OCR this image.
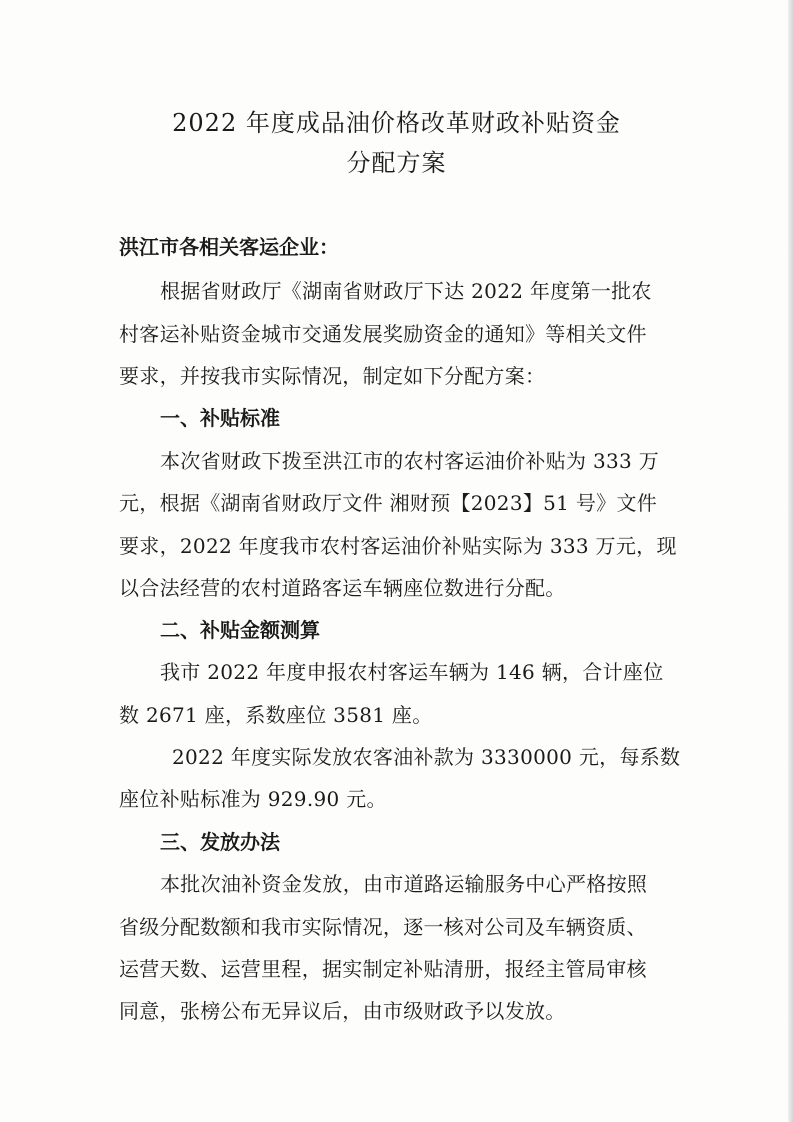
2022 年度成品油价格改革财政补贴资金
分配方案
洪江市各相关客运企业：
根据省财政厅《湖南省财政厅下达 2022 年度第一批农
村客运补贴资金城市交通发展奖励资金的通知》等相关文件
要求，并按我市实际情况，制定如下分配方案：
一、补贴标准
本次省财政下拨至洪江市的农村客运油价补贴为 333 万
元，根据《湖南省财政厅文件 湘财预【2023】51 号》文件
要求，2022 年度我市农村客运油价补贴实际为 333 万元，现
以合法经营的农村道路客运车辆座位数进行分配。
二、补贴金额测算
我市 2022 年度申报农村客运车辆为 146 辆，合计座位
数 2671 座，系数座位 3581 座。
2022 年度实际发放农客油补款为 3330000 元，每系数
座位补贴标准为 929.90 元。
三、发放办法
本批次油补资金发放，由市道路运输服务中心严格按照
省级分配数额和我市实际情况，逐一核对公司及车辆资质、
运营天数、运营里程，据实制定补贴清册，报经主管局审核
同意，张榜公布无异议后，由市级财政予以发放。
